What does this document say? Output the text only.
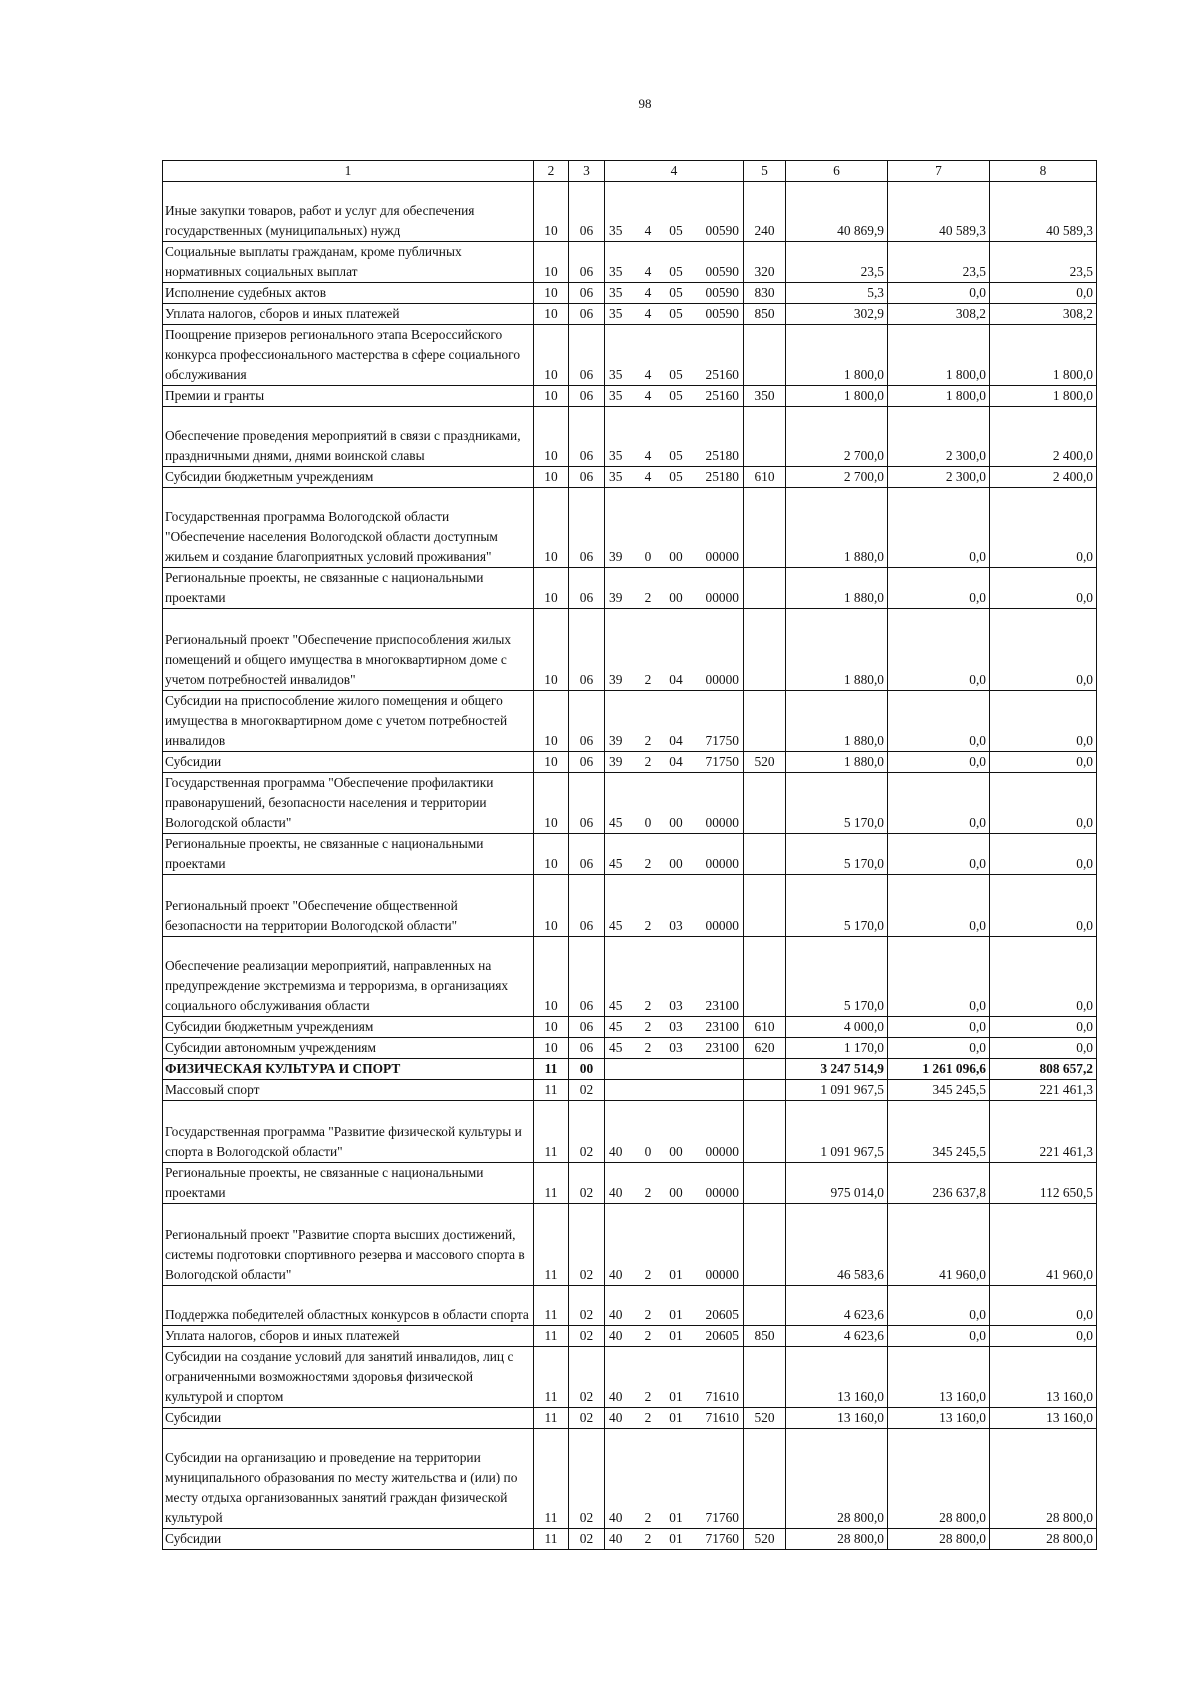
98
1	2	3	4	5	6	7	8
Иные закупки товаров, работ и услуг для обеспечения государственных (муниципальных) нужд	10	06	35 4 05 00590	240	40 869,9	40 589,3	40 589,3
Социальные выплаты гражданам, кроме публичных нормативных социальных выплат	10	06	35 4 05 00590	320	23,5	23,5	23,5
Исполнение судебных актов	10	06	35 4 05 00590	830	5,3	0,0	0,0
Уплата налогов, сборов и иных платежей	10	06	35 4 05 00590	850	302,9	308,2	308,2
Поощрение призеров регионального этапа Всероссийского конкурса профессионального мастерства в сфере социального обслуживания	10	06	35 4 05 25160		1 800,0	1 800,0	1 800,0
Премии и гранты	10	06	35 4 05 25160	350	1 800,0	1 800,0	1 800,0
Обеспечение проведения мероприятий в связи с праздниками, праздничными днями, днями воинской славы	10	06	35 4 05 25180		2 700,0	2 300,0	2 400,0
Субсидии бюджетным учреждениям	10	06	35 4 05 25180	610	2 700,0	2 300,0	2 400,0
Государственная программа Вологодской области "Обеспечение населения Вологодской области доступным жильем и создание благоприятных условий проживания"	10	06	39 0 00 00000		1 880,0	0,0	0,0
Региональные проекты, не связанные с национальными проектами	10	06	39 2 00 00000		1 880,0	0,0	0,0
Региональный проект "Обеспечение приспособления жилых помещений и общего имущества в многоквартирном доме с учетом потребностей инвалидов"	10	06	39 2 04 00000		1 880,0	0,0	0,0
Субсидии на приспособление жилого помещения и общего имущества в многоквартирном доме с учетом потребностей инвалидов	10	06	39 2 04 71750		1 880,0	0,0	0,0
Субсидии	10	06	39 2 04 71750	520	1 880,0	0,0	0,0
Государственная программа "Обеспечение профилактики правонарушений, безопасности населения и территории Вологодской области"	10	06	45 0 00 00000		5 170,0	0,0	0,0
Региональные проекты, не связанные с национальными проектами	10	06	45 2 00 00000		5 170,0	0,0	0,0
Региональный проект "Обеспечение общественной безопасности на территории Вологодской области"	10	06	45 2 03 00000		5 170,0	0,0	0,0
Обеспечение реализации мероприятий, направленных на предупреждение экстремизма и терроризма, в организациях социального обслуживания области	10	06	45 2 03 23100		5 170,0	0,0	0,0
Субсидии бюджетным учреждениям	10	06	45 2 03 23100	610	4 000,0	0,0	0,0
Субсидии автономным учреждениям	10	06	45 2 03 23100	620	1 170,0	0,0	0,0
ФИЗИЧЕСКАЯ КУЛЬТУРА И СПОРТ	11	00			3 247 514,9	1 261 096,6	808 657,2
Массовый спорт	11	02			1 091 967,5	345 245,5	221 461,3
Государственная программа "Развитие физической культуры и спорта в Вологодской области"	11	02	40 0 00 00000		1 091 967,5	345 245,5	221 461,3
Региональные проекты, не связанные с национальными проектами	11	02	40 2 00 00000		975 014,0	236 637,8	112 650,5
Региональный проект "Развитие спорта высших достижений, системы подготовки спортивного резерва и массового спорта в Вологодской области"	11	02	40 2 01 00000		46 583,6	41 960,0	41 960,0
Поддержка победителей областных конкурсов в области спорта	11	02	40 2 01 20605		4 623,6	0,0	0,0
Уплата налогов, сборов и иных платежей	11	02	40 2 01 20605	850	4 623,6	0,0	0,0
Субсидии на создание условий для занятий инвалидов, лиц с ограниченными возможностями здоровья физической культурой и спортом	11	02	40 2 01 71610		13 160,0	13 160,0	13 160,0
Субсидии	11	02	40 2 01 71610	520	13 160,0	13 160,0	13 160,0
Субсидии на организацию и проведение на территории муниципального образования по месту жительства и (или) по месту отдыха организованных занятий граждан физической культурой	11	02	40 2 01 71760		28 800,0	28 800,0	28 800,0
Субсидии	11	02	40 2 01 71760	520	28 800,0	28 800,0	28 800,0
